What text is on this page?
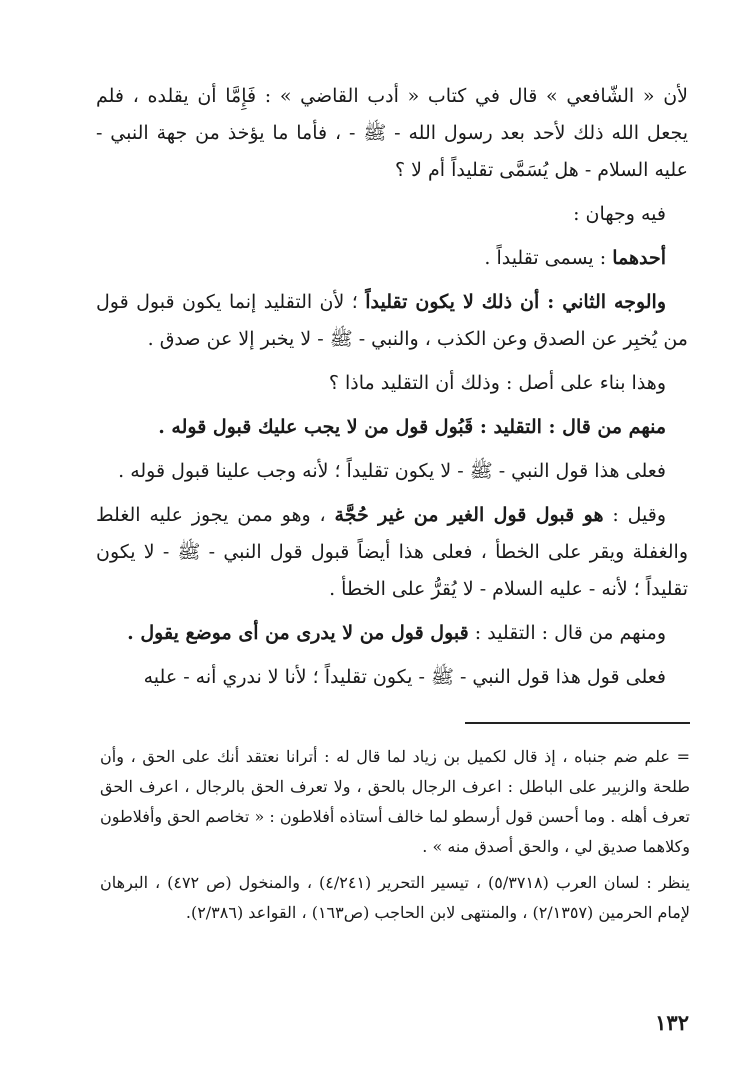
لأن « الشّافعي » قال في كتاب « أدب القاضي » : فَإِمَّا أن يقلده ، فلم يجعل الله ذلك لأحد بعد رسول الله - ﷺ - ، فأما ما يؤخذ من جهة النبي - عليه السلام - هل يُسَمَّى تقليداً أم لا ؟

فيه وجهان :

أحدهما : يسمى تقليداً .

والوجه الثاني : أن ذلك لا يكون تقليداً ؛ لأن التقليد إنما يكون قبول قول من يُخبِر عن الصدق وعن الكذب ، والنبي - ﷺ - لا يخبر إلا عن صدق .

وهذا بناء على أصل : وذلك أن التقليد ماذا ؟

منهم من قال : التقليد : قَبُول قول من لا يجب عليك قبول قوله .

فعلى هذا قول النبي - ﷺ - لا يكون تقليداً ؛ لأنه وجب علينا قبول قوله .

وقيل : هو قبول قول الغير من غير حُجَّة ، وهو ممن يجوز عليه الغلط والغفلة ويقر على الخطأ ، فعلى هذا أيضاً قبول قول النبي - ﷺ - لا يكون تقليداً ؛ لأنه - عليه السلام - لا يُقرُّ على الخطأ .

ومنهم من قال : التقليد : قبول قول من لا يدرى من أى موضع يقول .

فعلى قول هذا قول النبي - ﷺ - يكون تقليداً ؛ لأنا لا ندري أنه - عليه

= علم ضم جنباه ، إذ قال لكميل بن زياد لما قال له : أترانا نعتقد أنك على الحق ، وأن طلحة والزبير على الباطل : اعرف الرجال بالحق ، ولا تعرف الحق بالرجال ، اعرف الحق تعرف أهله . وما أحسن قول أرسطو لما خالف أستاذه أفلاطون : « تخاصم الحق وأفلاطون وكلاهما صديق لي ، والحق أصدق منه » .

ينظر : لسان العرب (٥/٣٧١٨) ، تيسير التحرير (٤/٢٤١) ، والمنخول (ص ٤٧٢) ، البرهان لإمام الحرمين (٢/١٣٥٧) ، والمنتهى لابن الحاجب (ص١٦٣) ، القواعد (٢/٣٨٦).

١٣٢
